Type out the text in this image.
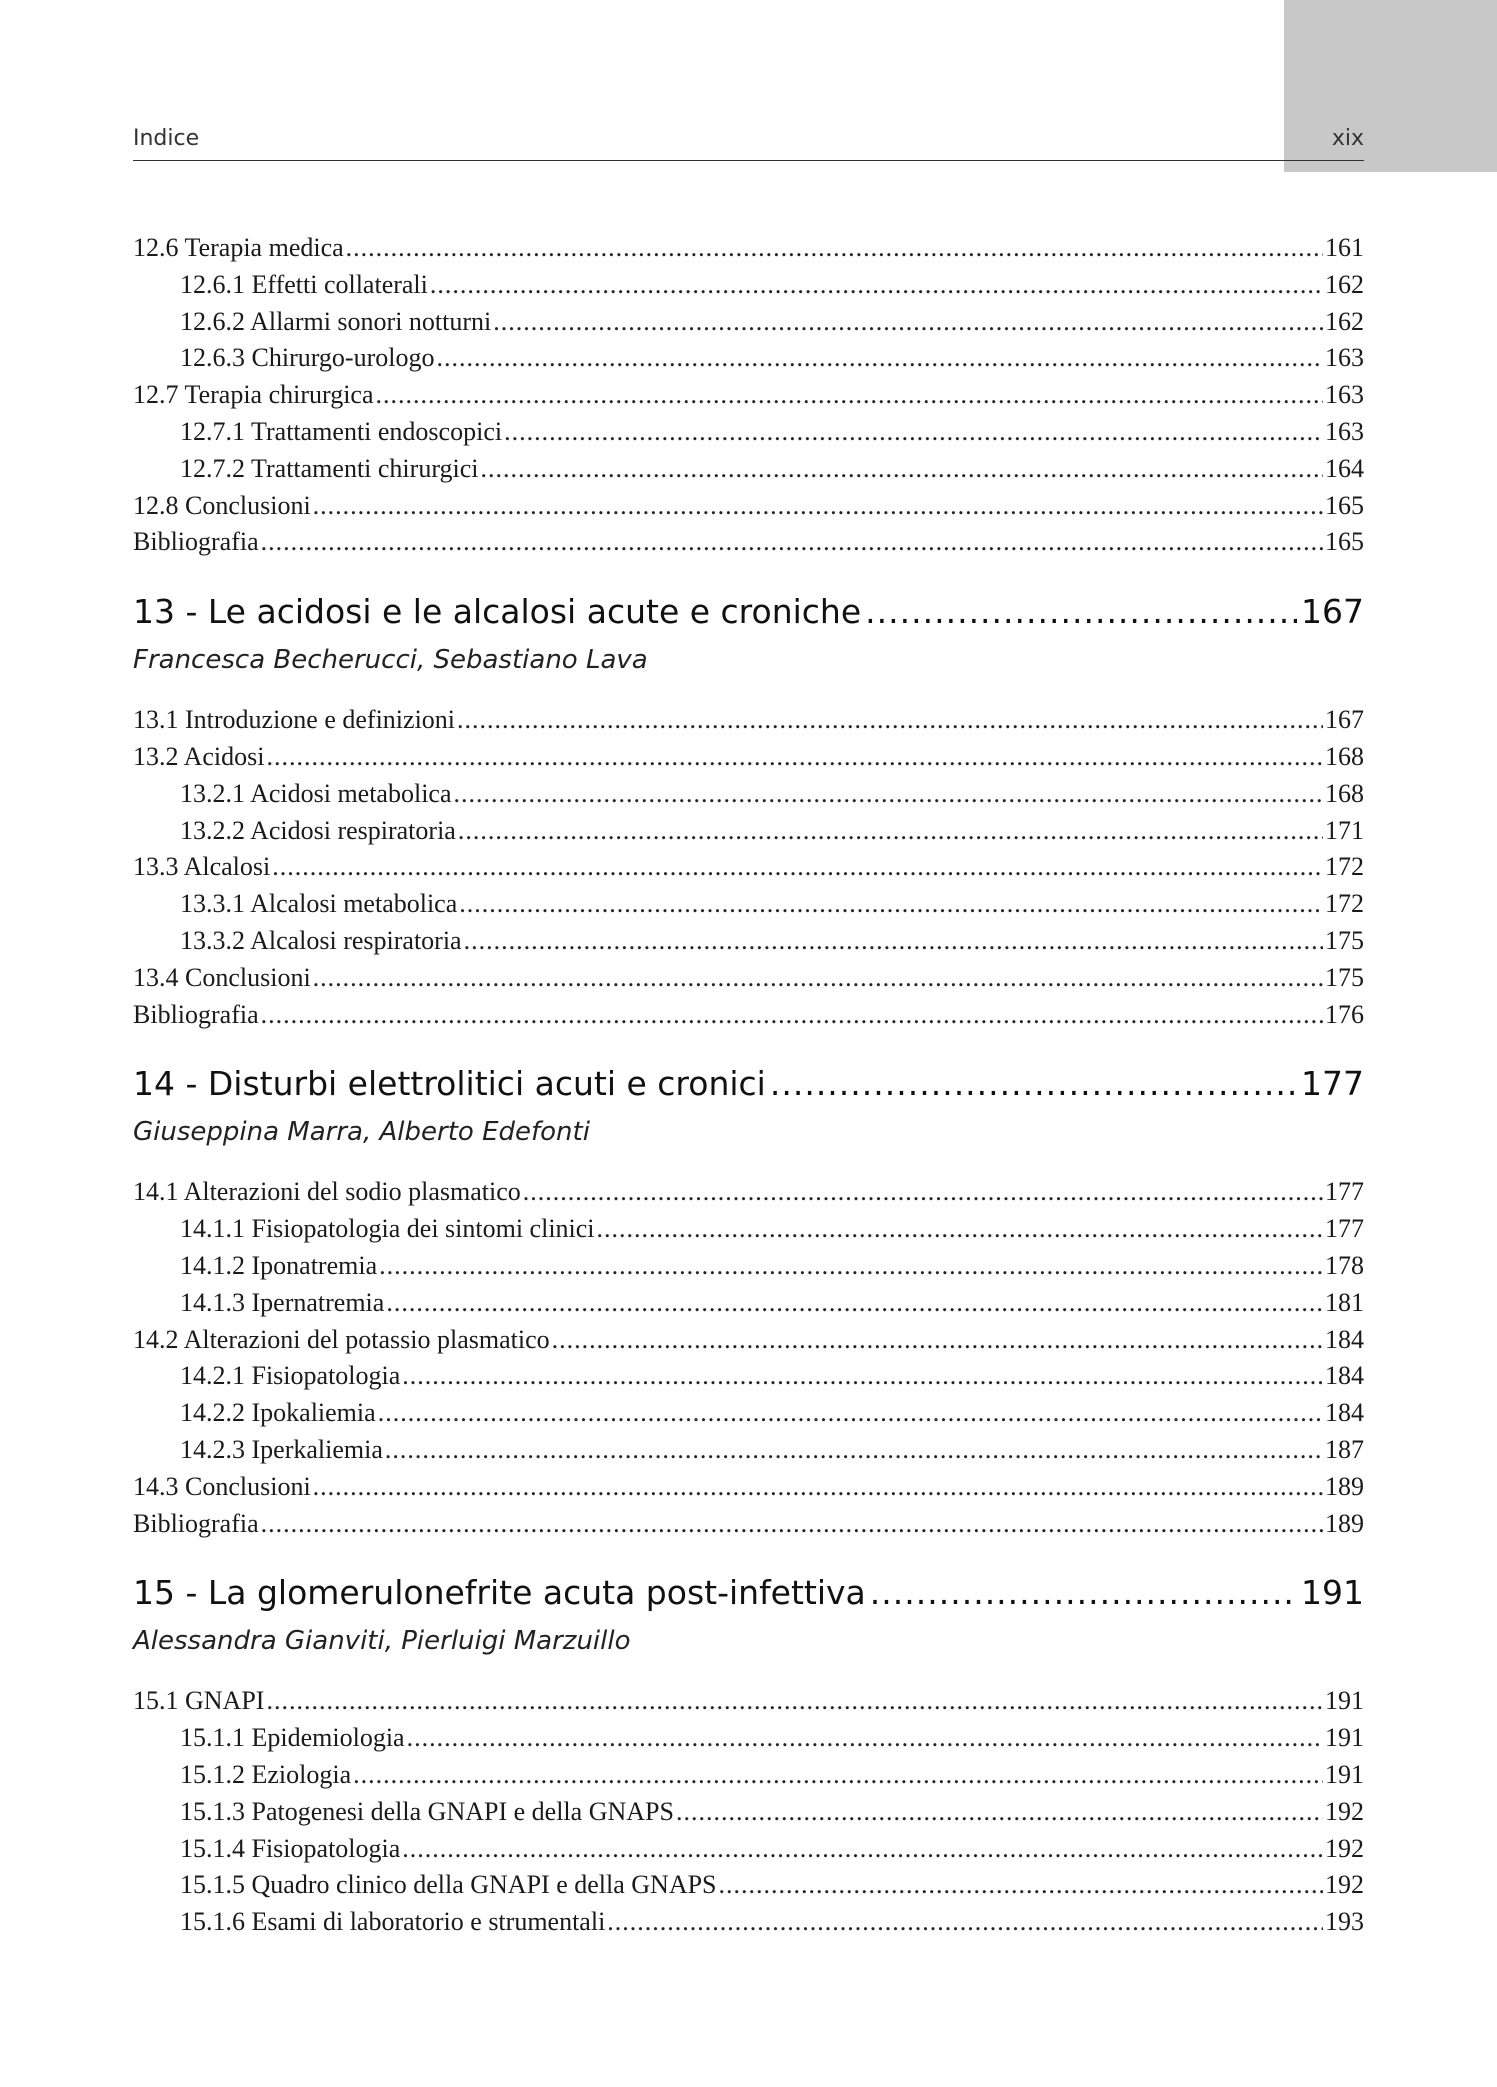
Indice	xix
12.6 Terapia medica .....	161
12.6.1 Effetti collaterali .....	162
12.6.2 Allarmi sonori notturni .....	162
12.6.3 Chirurgo-urologo .....	163
12.7 Terapia chirurgica .....	163
12.7.1 Trattamenti endoscopici .....	163
12.7.2 Trattamenti chirurgici .....	164
12.8 Conclusioni .....	165
Bibliografia .....	165
13 - Le acidosi e le alcalosi acute e croniche .....	167
Francesca Becherucci, Sebastiano Lava
13.1 Introduzione e definizioni .....	167
13.2 Acidosi .....	168
13.2.1 Acidosi metabolica .....	168
13.2.2 Acidosi respiratoria .....	171
13.3 Alcalosi .....	172
13.3.1 Alcalosi metabolica .....	172
13.3.2 Alcalosi respiratoria .....	175
13.4 Conclusioni .....	175
Bibliografia .....	176
14 - Disturbi elettrolitici acuti e cronici .....	177
Giuseppina Marra, Alberto Edefonti
14.1 Alterazioni del sodio plasmatico .....	177
14.1.1 Fisiopatologia dei sintomi clinici .....	177
14.1.2 Iponatremia .....	178
14.1.3 Ipernatremia .....	181
14.2 Alterazioni del potassio plasmatico .....	184
14.2.1 Fisiopatologia .....	184
14.2.2 Ipokaliemia .....	184
14.2.3 Iperkaliemia .....	187
14.3 Conclusioni .....	189
Bibliografia .....	189
15 - La glomerulonefrite acuta post-infettiva .....	191
Alessandra Gianviti, Pierluigi Marzuillo
15.1 GNAPI .....	191
15.1.1 Epidemiologia .....	191
15.1.2 Eziologia .....	191
15.1.3 Patogenesi della GNAPI e della GNAPS .....	192
15.1.4 Fisiopatologia .....	192
15.1.5 Quadro clinico della GNAPI e della GNAPS .....	192
15.1.6 Esami di laboratorio e strumentali .....	193
